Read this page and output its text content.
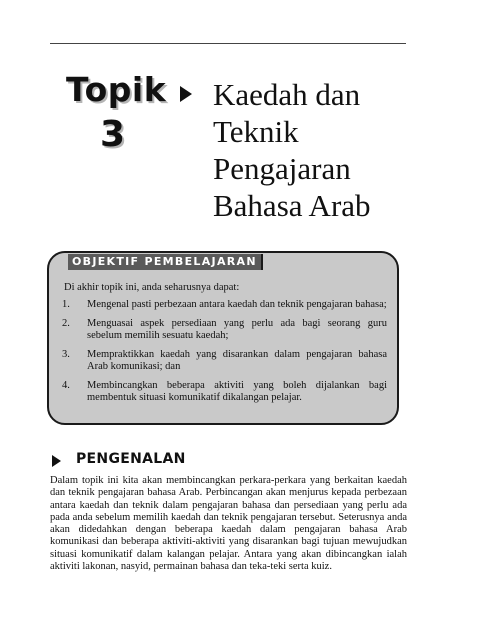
Topik
3
Kaedah dan
Teknik
Pengajaran
Bahasa Arab
OBJEKTIF PEMBELAJARAN
Di akhir topik ini, anda seharusnya dapat:
1. Mengenal pasti perbezaan antara kaedah dan teknik pengajaran bahasa;
2. Menguasai aspek persediaan yang perlu ada bagi seorang guru sebelum memilih sesuatu kaedah;
3. Mempraktikkan kaedah yang disarankan dalam pengajaran bahasa Arab komunikasi; dan
4. Membincangkan beberapa aktiviti yang boleh dijalankan bagi membentuk situasi komunikatif dikalangan pelajar.
PENGENALAN

Dalam topik ini kita akan membincangkan perkara-perkara yang berkaitan kaedah dan teknik pengajaran bahasa Arab. Perbincangan akan menjurus kepada perbezaan antara kaedah dan teknik dalam pengajaran bahasa dan persediaan yang perlu ada pada anda sebelum memilih kaedah dan teknik pengajaran tersebut. Seterusnya anda akan didedahkan dengan beberapa kaedah dalam pengajaran bahasa Arab komunikasi dan beberapa aktiviti-aktiviti yang disarankan bagi tujuan mewujudkan situasi komunikatif dalam kalangan pelajar. Antara yang akan dibincangkan ialah aktiviti lakonan, nasyid, permainan bahasa dan teka-teki serta kuiz.
